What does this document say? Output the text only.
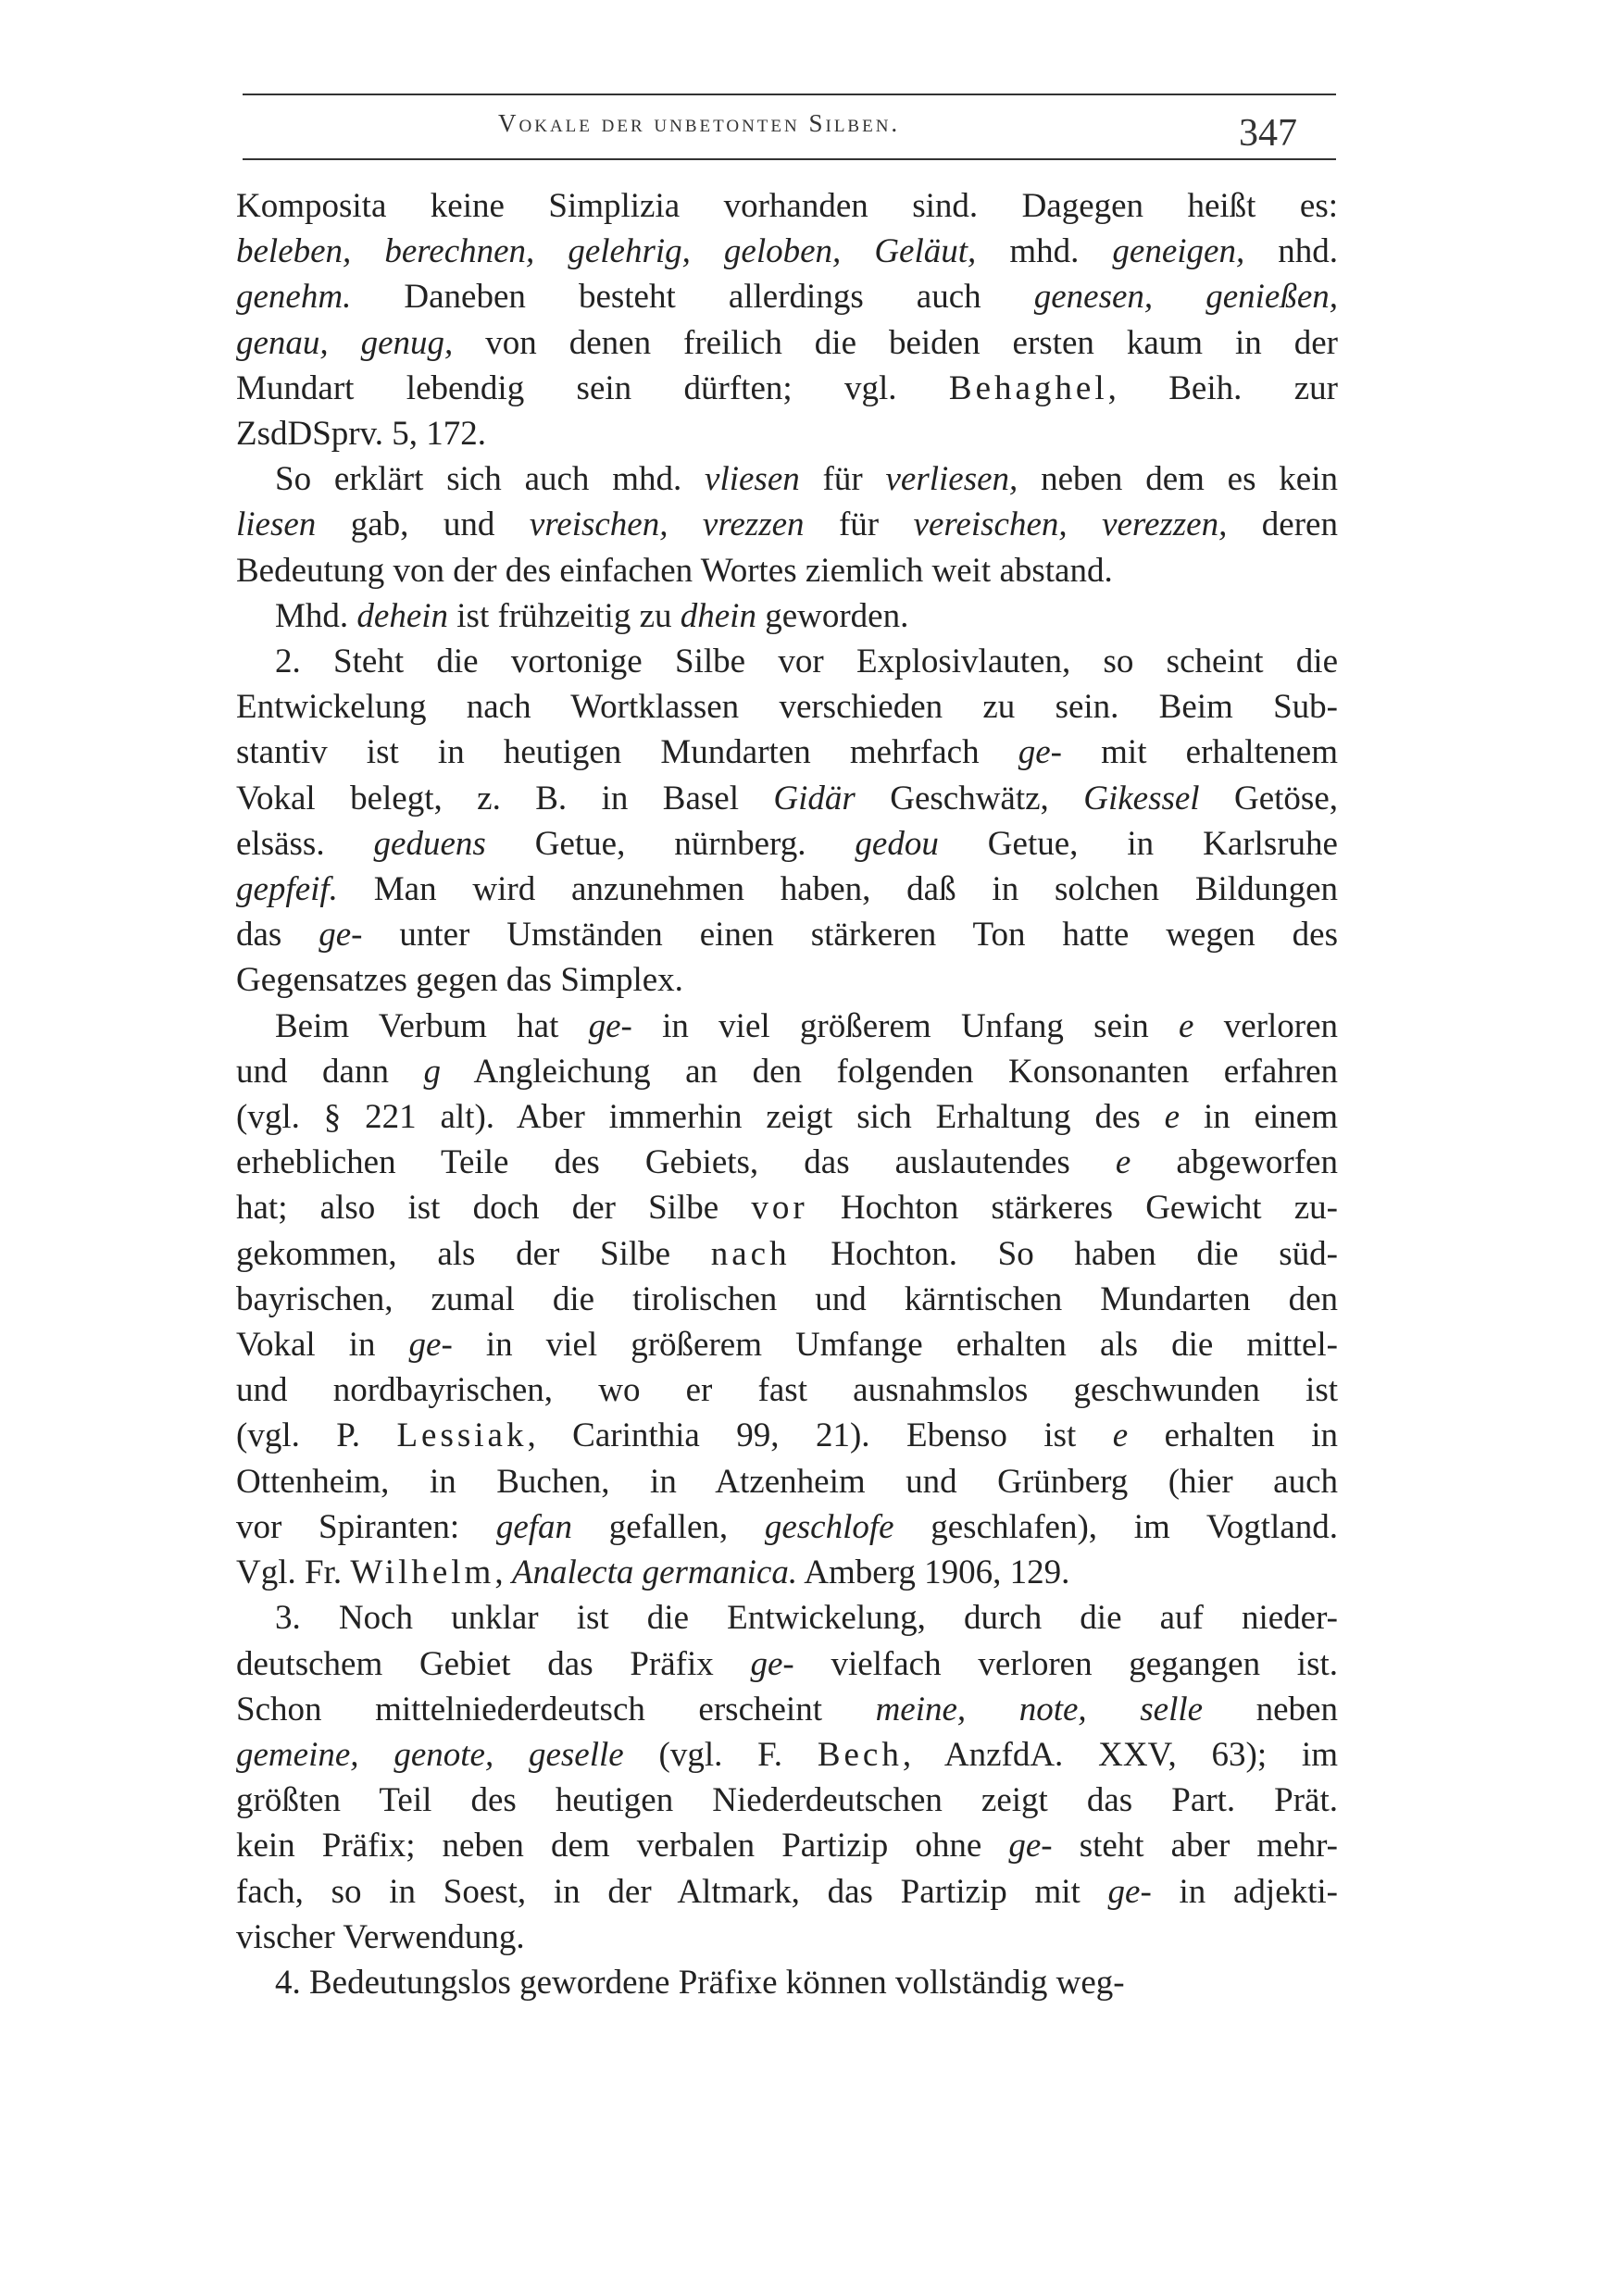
Vokale der unbetonten Silben.	347

Komposita keine Simplizia vorhanden sind. Dagegen heißt es:

beleben, berechnen, gelehrig, geloben, Geläut, mhd. geneigen, nhd.

genehm. Daneben besteht allerdings auch genesen, genießen,

genau, genug, von denen freilich die beiden ersten kaum in der

Mundart lebendig sein dürften; vgl. Behaghel, Beih. zur

ZsdDSprv. 5, 172.

So erklärt sich auch mhd. vliesen für verliesen, neben dem es kein

liesen gab, und vreischen, vrezzen für vereischen, verezzen, deren

Bedeutung von der des einfachen Wortes ziemlich weit abstand.

Mhd. dehein ist frühzeitig zu dhein geworden.

2. Steht die vortonige Silbe vor Explosivlauten, so scheint die

Entwickelung nach Wortklassen verschieden zu sein. Beim Sub-

stantiv ist in heutigen Mundarten mehrfach ge- mit erhaltenem

Vokal belegt, z. B. in Basel Gidär Geschwätz, Gikessel Getöse,

elsäss. geduens Getue, nürnberg. gedou Getue, in Karlsruhe

gepfeif. Man wird anzunehmen haben, daß in solchen Bildungen

das ge- unter Umständen einen stärkeren Ton hatte wegen des

Gegensatzes gegen das Simplex.

Beim Verbum hat ge- in viel größerem Unfang sein e verloren

und dann g Angleichung an den folgenden Konsonanten erfahren

(vgl. § 221 alt). Aber immerhin zeigt sich Erhaltung des e in einem

erheblichen Teile des Gebiets, das auslautendes e abgeworfen

hat; also ist doch der Silbe vor Hochton stärkeres Gewicht zu-

gekommen, als der Silbe nach Hochton. So haben die süd-

bayrischen, zumal die tirolischen und kärntischen Mundarten den

Vokal in ge- in viel größerem Umfange erhalten als die mittel-

und nordbayrischen, wo er fast ausnahmslos geschwunden ist

(vgl. P. Lessiak, Carinthia 99, 21). Ebenso ist e erhalten in

Ottenheim, in Buchen, in Atzenheim und Grünberg (hier auch

vor Spiranten: gefan gefallen, geschlofe geschlafen), im Vogtland.

Vgl. Fr. Wilhelm, Analecta germanica. Amberg 1906, 129.

3. Noch unklar ist die Entwickelung, durch die auf nieder-

deutschem Gebiet das Präfix ge- vielfach verloren gegangen ist.

Schon mittelniederdeutsch erscheint meine, note, selle neben

gemeine, genote, geselle (vgl. F. Bech, AnzfdA. XXV, 63); im

größten Teil des heutigen Niederdeutschen zeigt das Part. Prät.

kein Präfix; neben dem verbalen Partizip ohne ge- steht aber mehr-

fach, so in Soest, in der Altmark, das Partizip mit ge- in adjekti-

vischer Verwendung.

4. Bedeutungslos gewordene Präfixe können vollständig weg-
